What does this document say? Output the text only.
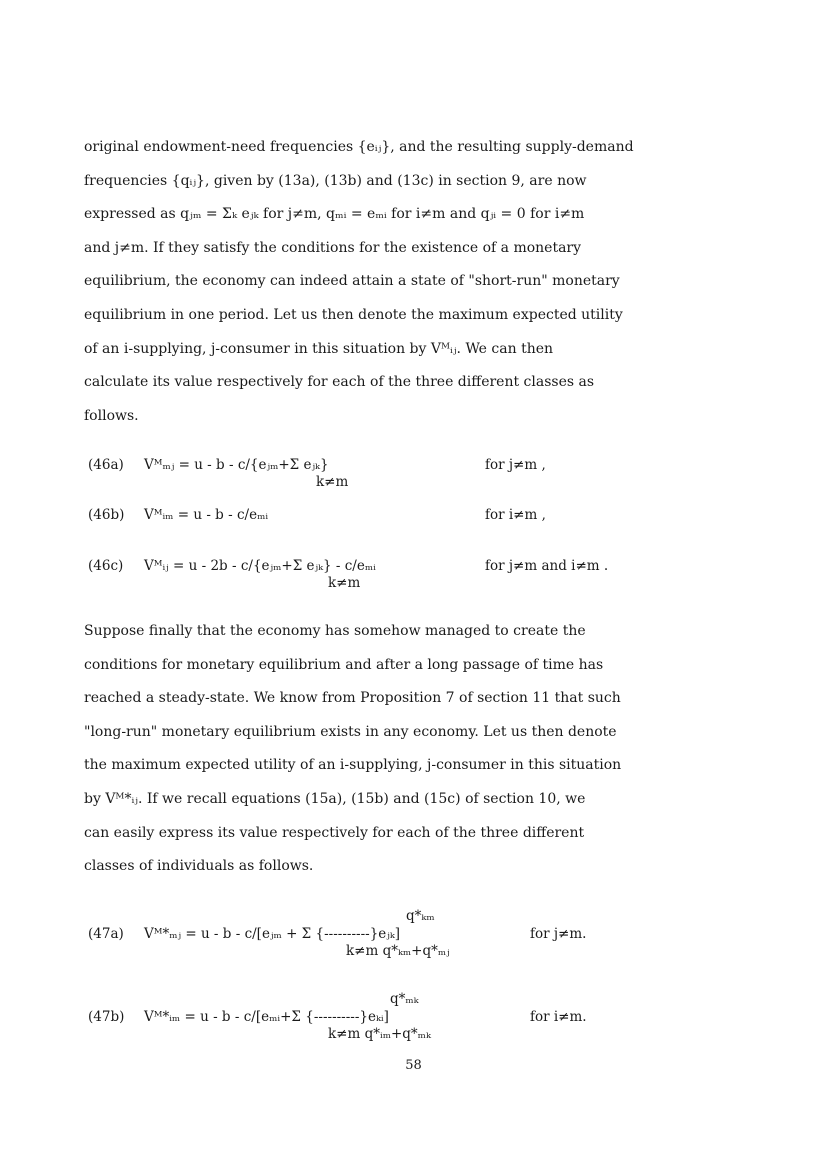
original endowment-need frequencies {eᵢⱼ}, and the resulting supply-demand
frequencies {qᵢⱼ}, given by (13a), (13b) and (13c) in section 9, are now
expressed as qⱼₘ = Σₖ eⱼₖ for j≠m, qₘᵢ = eₘᵢ for i≠m and qⱼᵢ = 0 for i≠m
and j≠m. If they satisfy the conditions for the existence of a monetary
equilibrium, the economy can indeed attain a state of "short-run" monetary
equilibrium in one period. Let us then denote the maximum expected utility
of an i-supplying, j-consumer in this situation by Vᴹᵢⱼ. We can then
calculate its value respectively for each of the three different classes as
follows.
(46a) Vᴹₘⱼ = u - b - c/{eⱼₘ+Σ eⱼₖ}
k≠m
for j≠m ,
(46b) Vᴹᵢₘ = u - b - c/eₘᵢ	for i≠m ,
(46c) Vᴹᵢⱼ = u - 2b - c/{eⱼₘ+Σ eⱼₖ} - c/eₘᵢ
k≠m
for j≠m and i≠m .
Suppose finally that the economy has somehow managed to create the
conditions for monetary equilibrium and after a long passage of time has
reached a steady-state. We know from Proposition 7 of section 11 that such
"long-run" monetary equilibrium exists in any economy. Let us then denote
the maximum expected utility of an i-supplying, j-consumer in this situation
by Vᴹ*ᵢⱼ. If we recall equations (15a), (15b) and (15c) of section 10, we
can easily express its value respectively for each of the three different
classes of individuals as follows.
(47a)
q*ₖₘ
Vᴹ*ₘⱼ = u - b - c/[eⱼₘ + Σ {----------}eⱼₖ]
k≠m q*ₖₘ+q*ₘⱼ
for j≠m.
(47b)
q*ₘₖ
Vᴹ*ᵢₘ = u - b - c/[eₘᵢ+Σ {----------}eₖᵢ]
k≠m q*ᵢₘ+q*ₘₖ
for i≠m.
58
